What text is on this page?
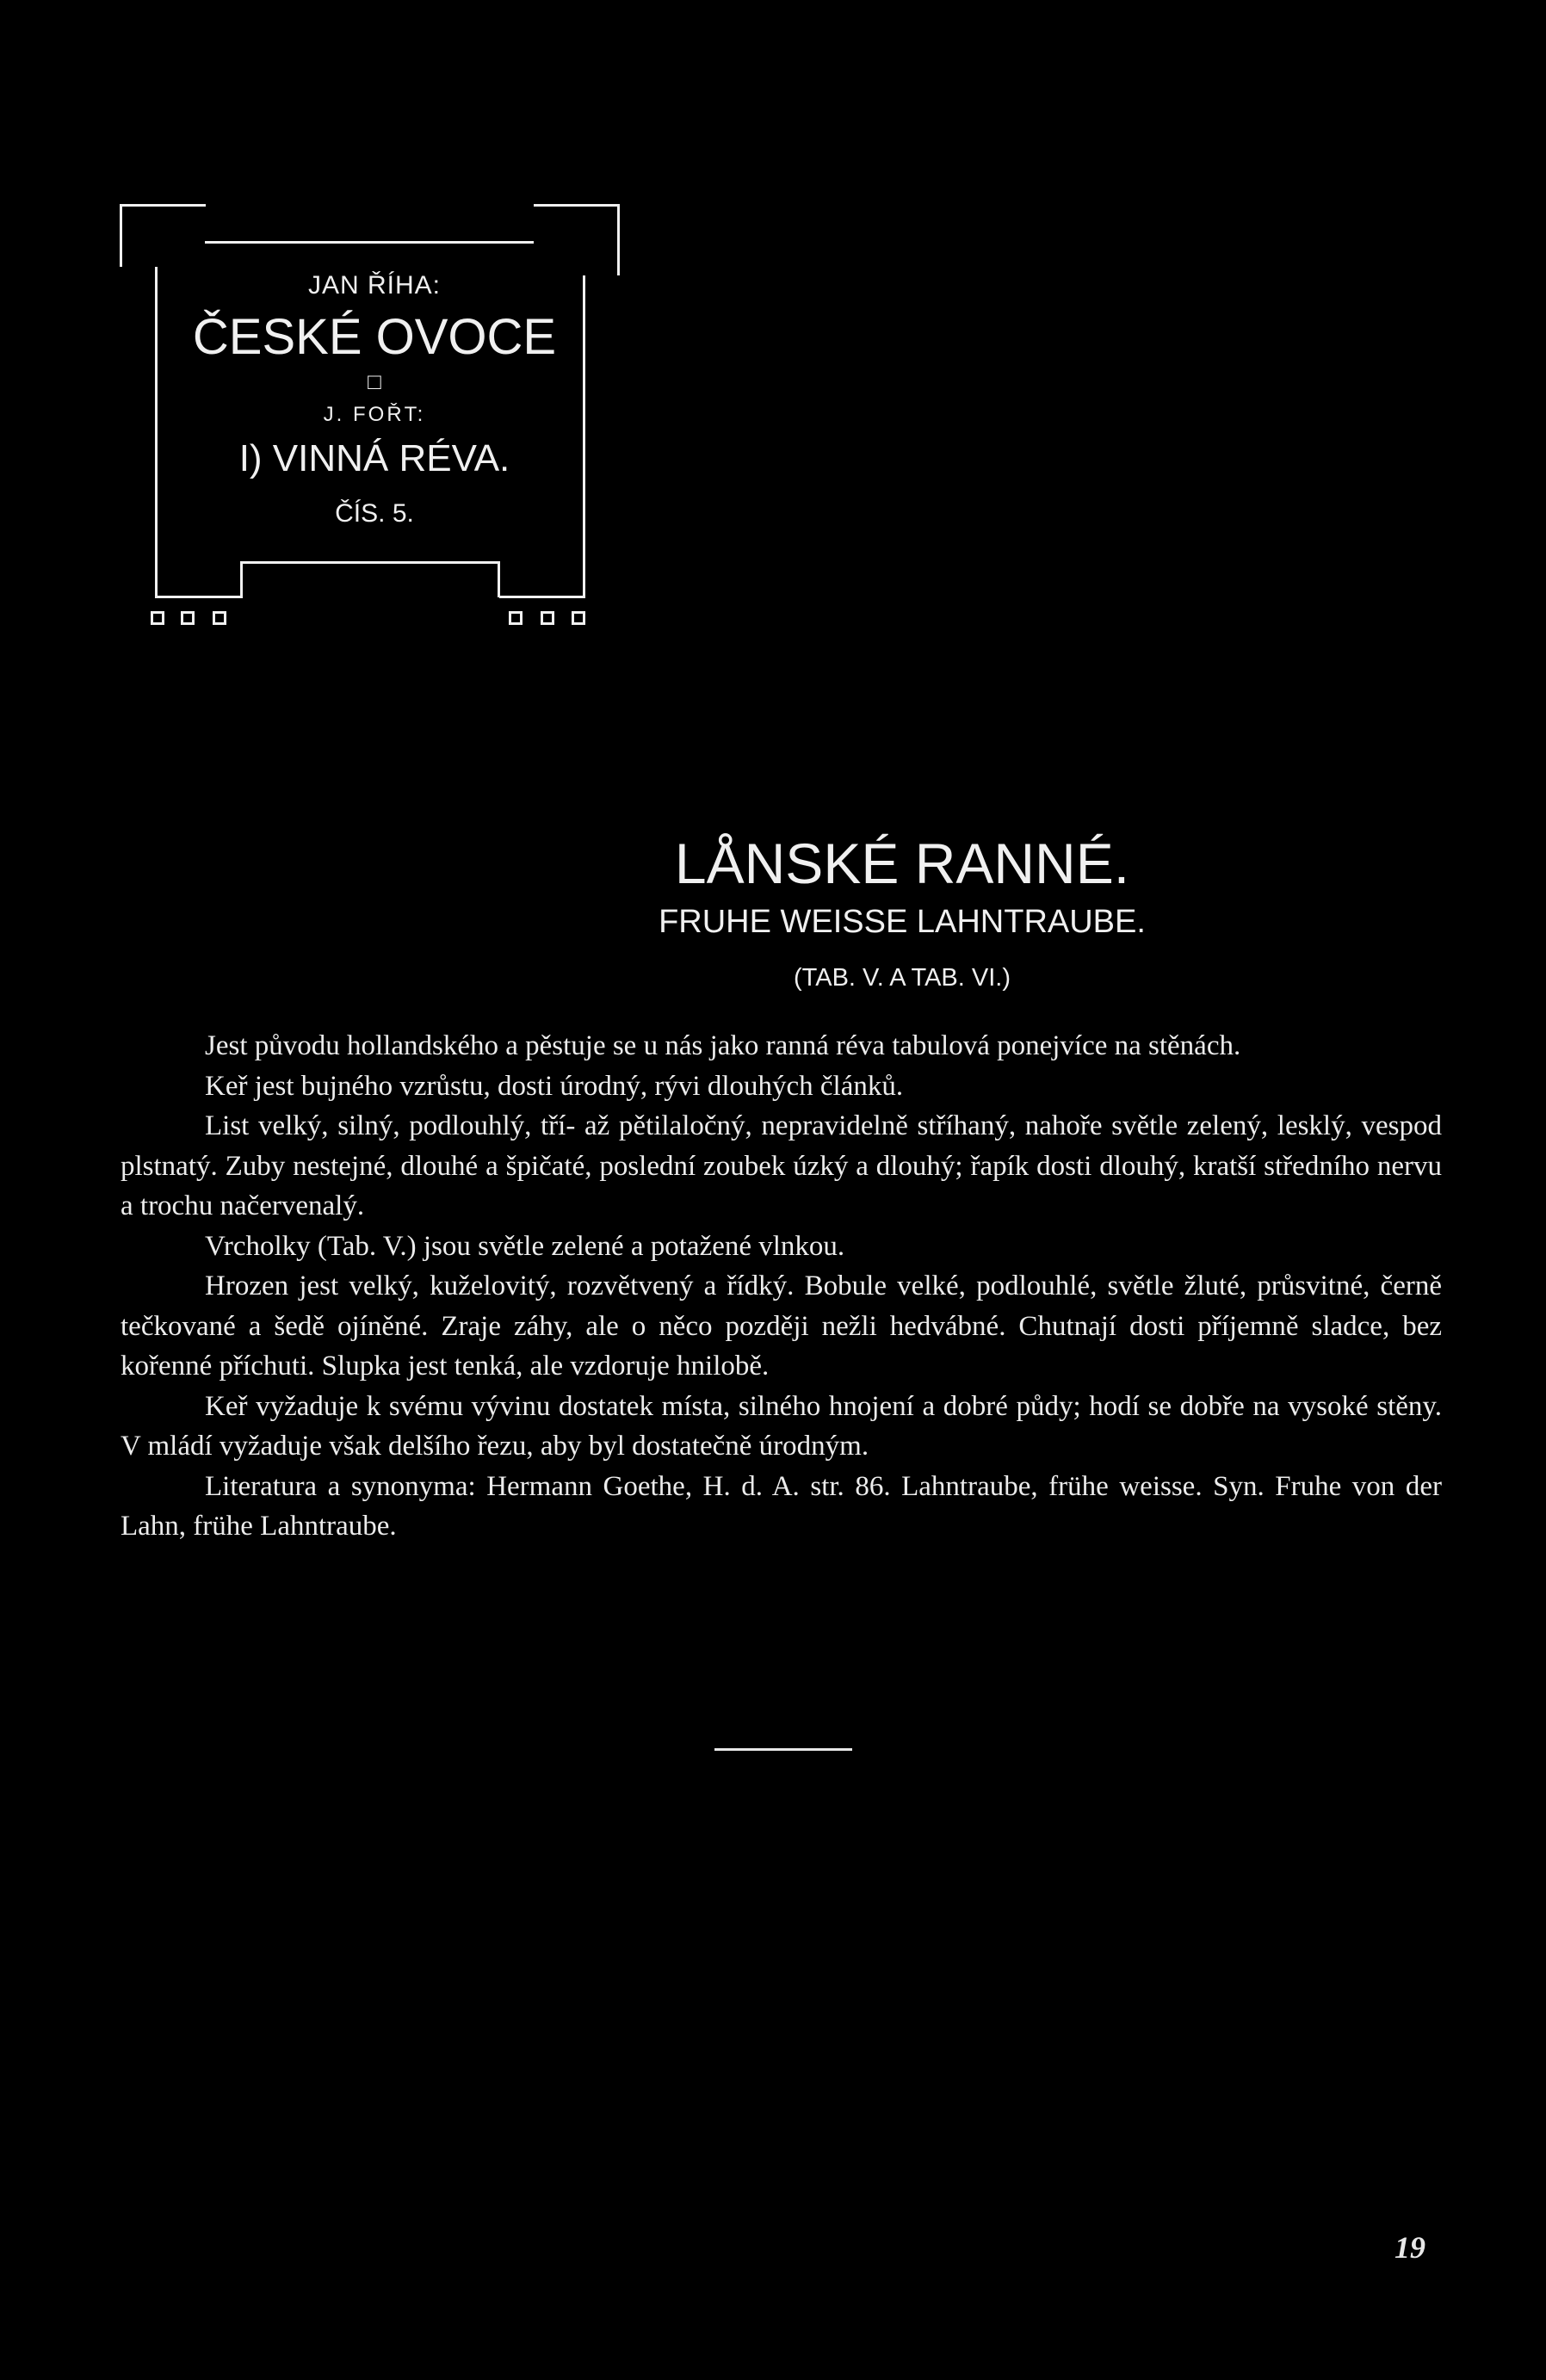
JAN ŘÍHA:
ČESKÉ OVOCE
□
J. FOŘT:
I) VINNÁ RÉVA.
ČÍS. 5.
LÅNSKÉ RANNÉ.
FRUHE WEISSE LAHNTRAUBE.
(TAB. V. A TAB. VI.)

Jest původu hollandského a pěstuje se u nás jako ranná réva tabulová ponejvíce na stěnách.

Keř jest bujného vzrůstu, dosti úrodný, rývi dlouhých článků.

List velký, silný, podlouhlý, tří- až pětilaločný, nepravidelně stříhaný, nahoře světle zelený, lesklý, vespod plstnatý. Zuby nestejné, dlouhé a špičaté, poslední zoubek úzký a dlouhý; řapík dosti dlouhý, kratší středního nervu a trochu načervenalý.

Vrcholky (Tab. V.) jsou světle zelené a potažené vlnkou.

Hrozen jest velký, kuželovitý, rozvětvený a řídký. Bobule velké, podlouhlé, světle žluté, průsvitné, černě tečkované a šedě ojíněné. Zraje záhy, ale o něco později nežli hedvábné. Chutnají dosti příjemně sladce, bez kořenné příchuti. Slupka jest tenká, ale vzdoruje hnilobě.

Keř vyžaduje k svému vývinu dostatek místa, silného hnojení a dobré půdy; hodí se dobře na vysoké stěny. V mládí vyžaduje však delšího řezu, aby byl dostatečně úrodným.

Literatura a synonyma: Hermann Goethe, H. d. A. str. 86. Lahntraube, frühe weisse. Syn. Fruhe von der Lahn, frühe Lahntraube.

19
